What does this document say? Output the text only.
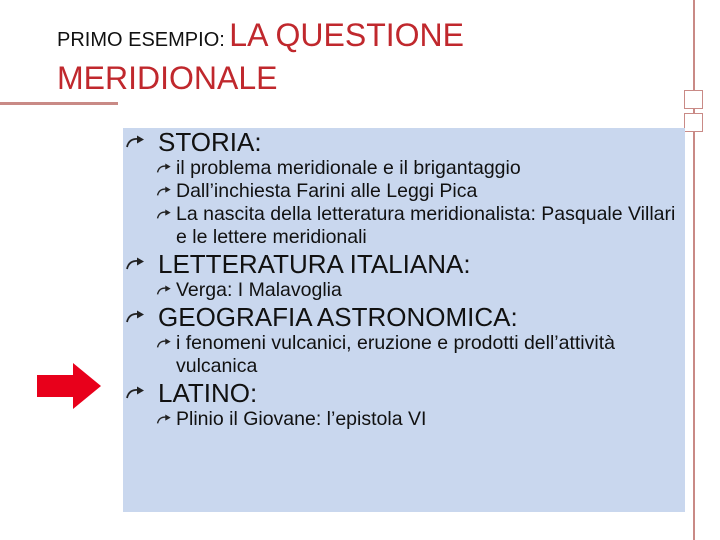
PRIMO ESEMPIO: LA QUESTIONE
MERIDIONALE
STORIA:
il problema meridionale e il brigantaggio
Dall’inchiesta Farini alle Leggi Pica
La nascita della letteratura meridionalista: Pasquale Villari e le lettere meridionali
LETTERATURA ITALIANA:
Verga: I Malavoglia
GEOGRAFIA ASTRONOMICA:
i fenomeni vulcanici, eruzione e prodotti dell’attività vulcanica
LATINO:
Plinio il Giovane: l’epistola VI
